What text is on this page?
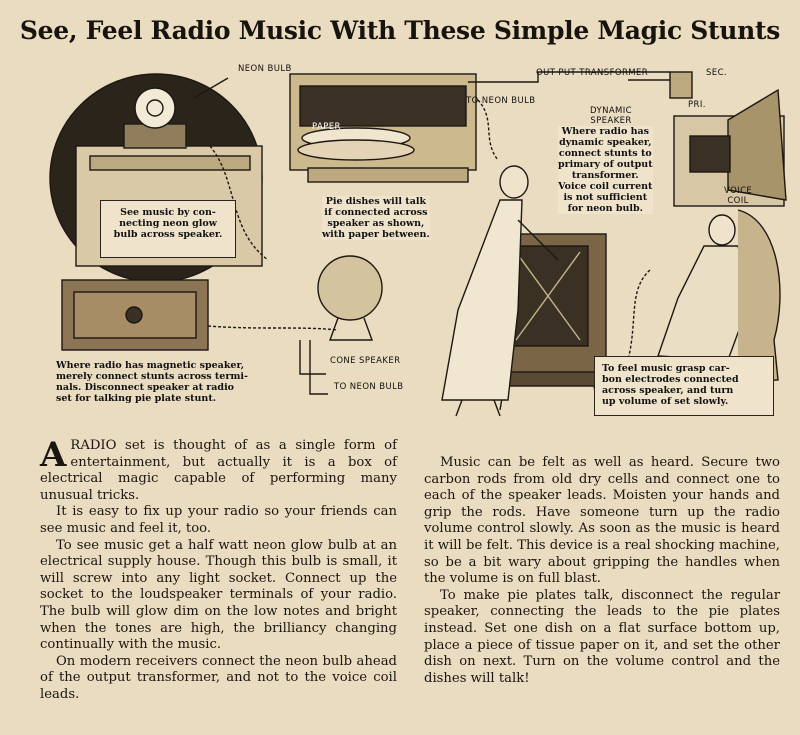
See, Feel Radio Music With These Simple Magic Stunts
NEON BULB
TO NEON BULB
PAPER
OUT PUT TRANSFORMER	SEC.
PRI.
DYNAMIC
SPEAKER
VOICE
COIL
CONE SPEAKER
TO NEON BULB

See music by con-
necting neon glow
bulb across speaker.

Pie dishes will talk
if connected across
speaker as shown,
with paper between.

Where radio has
dynamic speaker,
connect stunts to
primary of output
transformer.
Voice coil current
is not sufficient
for neon bulb.

Where radio has magnetic speaker,
merely connect stunts across termi-
nals. Disconnect speaker at radio
set for talking pie plate stunt.

To feel music grasp car-
bon electrodes connected
across speaker, and turn
up volume of set slowly.

ARADIO set is thought of as a single form of entertainment, but actually it is a box of electrical magic capable of performing many unusual tricks.

It is easy to fix up your radio so your friends can see music and feel it, too.

To see music get a half watt neon glow bulb at an electrical supply house. Though this bulb is small, it will screw into any light socket. Connect up the socket to the loudspeaker terminals of your radio. The bulb will glow dim on the low notes and bright when the tones are high, the brilliancy changing continually with the music.

On modern receivers connect the neon bulb ahead of the output transformer, and not to the voice coil leads.

Music can be felt as well as heard. Secure two carbon rods from old dry cells and connect one to each of the speaker leads. Moisten your hands and grip the rods. Have someone turn up the radio volume control slowly. As soon as the music is heard it will be felt. This device is a real shocking machine, so be a bit wary about gripping the handles when the volume is on full blast.

To make pie plates talk, disconnect the regular speaker, connecting the leads to the pie plates instead. Set one dish on a flat surface bottom up, place a piece of tissue paper on it, and set the other dish on next. Turn on the volume control and the dishes will talk!
